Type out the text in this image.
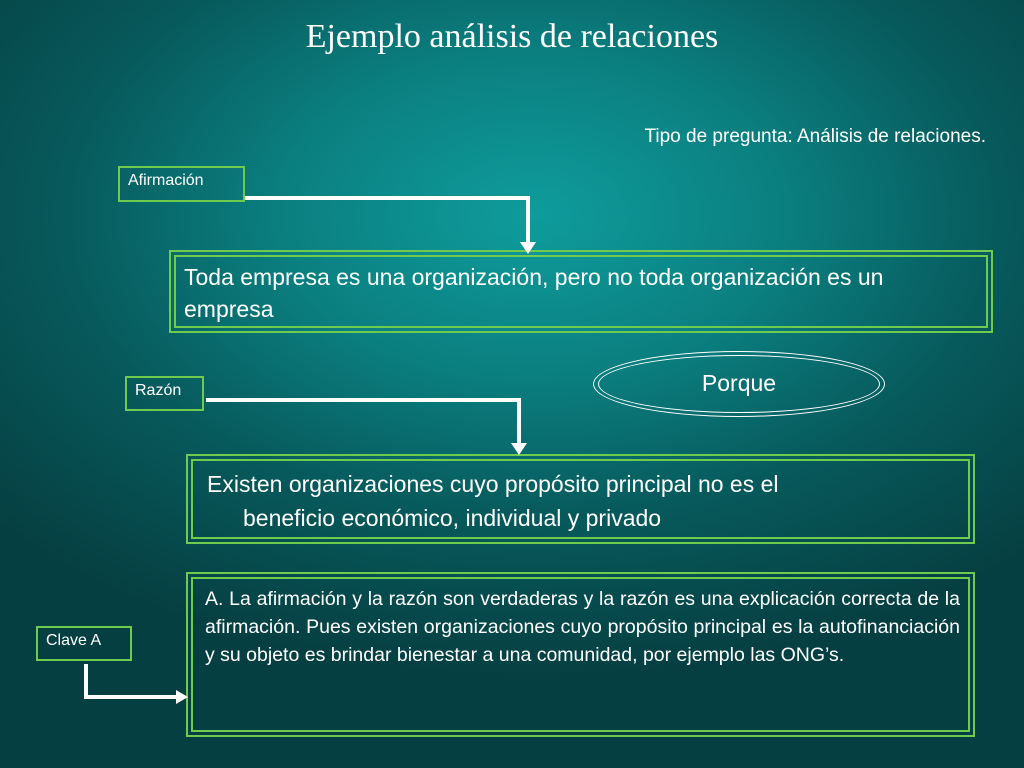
Ejemplo análisis de relaciones
Tipo de pregunta: Análisis de relaciones.
Afirmación
Toda empresa es una organización, pero no toda organización es un empresa
Porque
Razón
Existen organizaciones cuyo propósito principal no es el
beneficio económico, individual y privado
Clave A
A. La afirmación y la razón son verdaderas y la razón es una explicación correcta de la afirmación. Pues existen organizaciones cuyo propósito principal es la autofinanciación y su objeto es brindar bienestar a una comunidad, por ejemplo las ONG’s.
